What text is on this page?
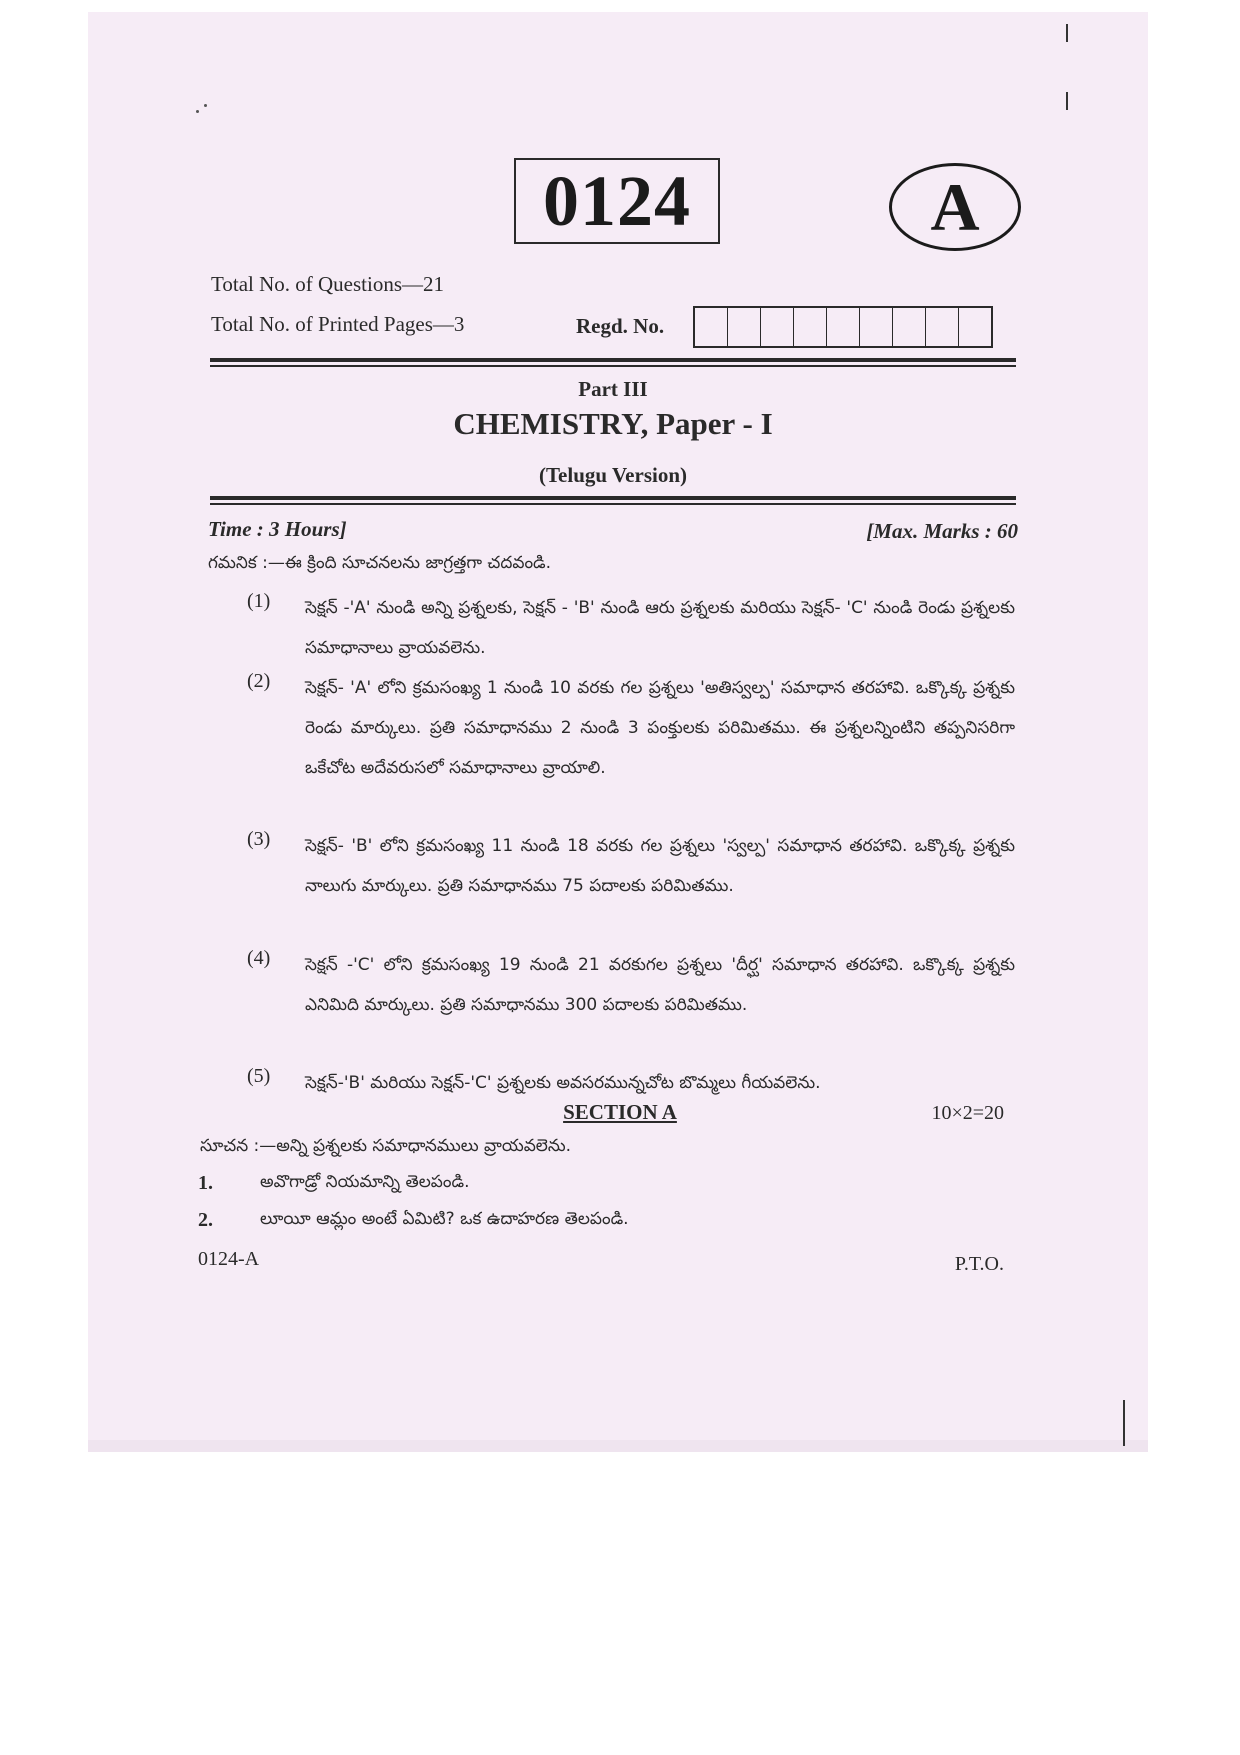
0124	A
Total No. of Questions—21
Total No. of Printed Pages—3	Regd. No.
Part III
CHEMISTRY, Paper - I
(Telugu Version)
Time : 3 Hours]	[Max. Marks : 60
గమనిక :—ఈ క్రింది సూచనలను జాగ్రత్తగా చదవండి.
(1)	సెక్షన్ -'A' నుండి అన్ని ప్రశ్నలకు, సెక్షన్ - 'B' నుండి ఆరు ప్రశ్నలకు మరియు సెక్షన్- 'C' నుండి రెండు ప్రశ్నలకు సమాధానాలు వ్రాయవలెను.
(2)	సెక్షన్- 'A' లోని క్రమసంఖ్య 1 నుండి 10 వరకు గల ప్రశ్నలు 'అతిస్వల్ప' సమాధాన తరహావి. ఒక్కొక్క ప్రశ్నకు రెండు మార్కులు. ప్రతి సమాధానము 2 నుండి 3 పంక్తులకు పరిమితము. ఈ ప్రశ్నలన్నింటిని తప్పనిసరిగా ఒకేచోట అదేవరుసలో సమాధానాలు వ్రాయాలి.
(3)	సెక్షన్- 'B' లోని క్రమసంఖ్య 11 నుండి 18 వరకు గల ప్రశ్నలు 'స్వల్ప' సమాధాన తరహావి. ఒక్కొక్క ప్రశ్నకు నాలుగు మార్కులు. ప్రతి సమాధానము 75 పదాలకు పరిమితము.
(4)	సెక్షన్ -'C' లోని క్రమసంఖ్య 19 నుండి 21 వరకుగల ప్రశ్నలు 'దీర్ఘ' సమాధాన తరహావి. ఒక్కొక్క ప్రశ్నకు ఎనిమిది మార్కులు. ప్రతి సమాధానము 300 పదాలకు పరిమితము.
(5)	సెక్షన్-'B' మరియు సెక్షన్-'C' ప్రశ్నలకు అవసరమున్నచోట బొమ్మలు గీయవలెను.
SECTION A	10×2=20
సూచన :—అన్ని ప్రశ్నలకు సమాధానములు వ్రాయవలెను.
1.	అవొగాడ్రో నియమాన్ని తెలపండి.
2.	లూయీ ఆమ్లం అంటే ఏమిటి? ఒక ఉదాహరణ తెలపండి.
0124-A	P.T.O.
